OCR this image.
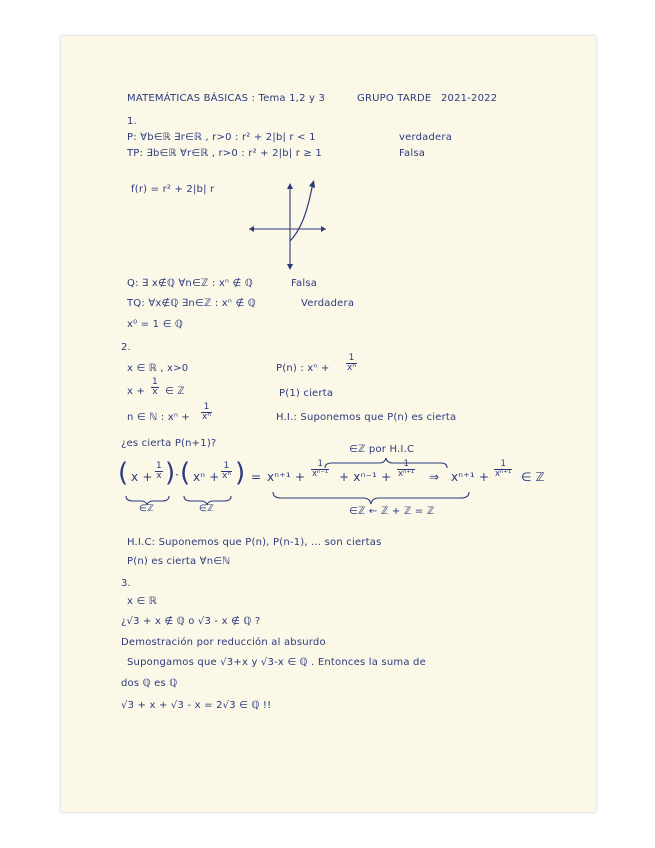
MATEMÁTICAS BÁSICAS : Tema 1,2 y 3	GRUPO TARDE 2021-2022
1.
P: ∀b∈ℝ ∃r∈ℝ , r>0 : r² + 2|b| r < 1	verdadera
TP: ∃b∈ℝ ∀r∈ℝ , r>0 : r² + 2|b| r ≥ 1	Falsa
f(r) = r² + 2|b| r
Q: ∃ x∉ℚ ∀n∈ℤ : xⁿ ∉ ℚ	Falsa
TQ: ∀x∉ℚ ∃n∈ℤ : xⁿ ∉ ℚ	Verdadera
x⁰ = 1 ∈ ℚ
2.
x ∈ ℝ , x>0	P(n) : $x^n + \frac{1}{\text{xⁿ}}$
$x + \frac{1}{x}$ ∈ ℤ	P(1) cierta
n ∈ ℕ : $x^n + \frac{1}{\text{xⁿ}}$	H.I.: Suponemos que P(n) es cierta
¿es cierta P(n+1)?
∈ℤ por H.I.C
( $x + \frac{1}{x}$ ) · ( $x^n + \frac{1}{\text{xⁿ}}$ ) = $x^{n+1} + \frac{1}{\text{xⁿ⁻¹}} + x^{n-1} + \frac{1}{\text{xⁿ⁺¹}}$ ⇒ $x^{n+1} + \frac{1}{\text{xⁿ⁺¹}}$ ∈ ℤ
∈ℤ	∈ℤ	∈ℤ ← ℤ + ℤ = ℤ
H.I.C: Suponemos que P(n), P(n-1), ... son ciertas
P(n) es cierta ∀n∈ℕ
3.
x ∈ ℝ
¿√3 + x ∉ ℚ o √3 - x ∉ ℚ ?
Demostración por reducción al absurdo
Supongamos que √3+x y √3-x ∈ ℚ . Entonces la suma de
dos ℚ es ℚ
√3 + x + √3 - x = 2√3 ∈ ℚ !!
